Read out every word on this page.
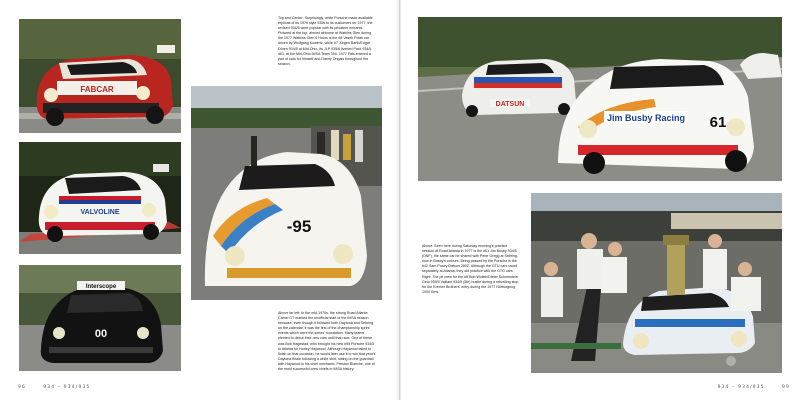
FABCAR
VALVOLINE
Interscope
00
-95
Top and Center: Surprisingly, while Porsche made available replicas of its 1976 style 935s to its customers for 1977, the revised 934/5 were popular with its privateer entrants. Pictured at the top, almost airborne at Watkins Glen during the 1977 Watkins Glen 6 Hours is the #8 Vasek Polak car driven by Wolfgang Kuwertz, while #7 Jürgen Barth/Edgar Dören 934/5 at Mid-Ohio, its JLP 935/6 liveried Pack 934/5 #61, at the Mid-Ohio IMSA Team 300. 1977 Fitts entered a pair of cars for himself and Danny Ongais throughout the season.
Above far left: In the mid-1970s, the strong Road Atlanta Camel GT marked the unofficial start of the IMSA season because, even though it followed both Daytona and Sebring on the calendar, it was the first of the championship sprint events which were the series' foundation. Many teams elected to debut their new cars until that race. One of these was Bob Hagestad, who brought his new #95 Porsche 934/5 to Atlanta for Hurley Haywood. Although Haywood failed to finish on that occasion, he would later use it to win that year's Daytona finale following a white shirt, sitting on the guardrail with Haywood is his chief mechanic, Preston Blanche, one of the most successful crew chiefs in IMSA history.
96	934 – 934/935
DATSUN
Jim Busby Racing 61
Above: Seen here during Saturday morning's practice session at Road Atlanta in 1977 is the #61 Jim Busby 934/5 (DNF), the same car he shared with Peter Gregg at Sebring, now in Busby's colours. Being passed by the Porsche is the #42 Sam Posey Datsun 280Z. Although the GTU cars raced separately at Atlanta, they did practice with the GTO cars. Right: The pit crew for the #6 Bob Wollek/Dieter Schornstein Gelo 935/5 Vaillant 934/5 (5th) hustle during a refuelling stop for the Kremer Brothers' entry during the 1977 Nürburgring 1000 Kms.
934 – 934/935	99
